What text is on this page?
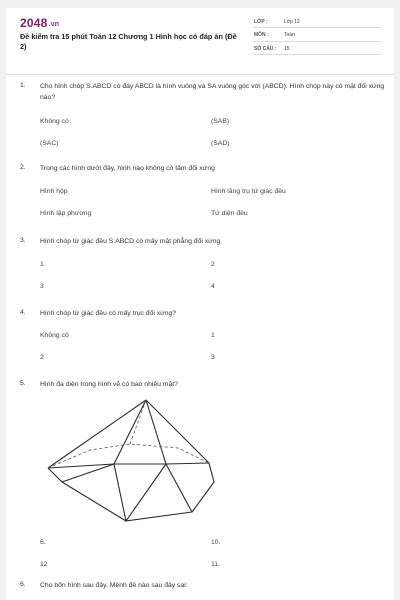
2048.vn
Đề kiểm tra 15 phút Toán 12 Chương 1 Hình học có đáp án (Đề 2)
LỚP :	Lớp 12
MÔN :	Toán
SỐ CÂU :	15
1. Cho hình chóp S.ABCD có đáy ABCD là hình vuông và SA vuông góc với (ABCD). Hình chóp này có mặt đối xứng nào?
Không có	(SAB)
(SAC)	(SAD)
2. Trong các hình dưới đây, hình nào không có tâm đối xứng
Hình hộp	Hình lăng trụ tứ giác đều
Hình lập phương	Tứ diện đều
3. Hình chóp tứ giác đều S.ABCD có mấy mặt phẳng đối xứng
1	2
3	4
4. Hình chóp tứ giác đều có mấy trục đối xứng?
Không có	1
2	3
5. Hình đa diện trong hình vẽ có bao nhiêu mặt?
6.	10.
12	11.
6. Cho bốn hình sau đây. Mệnh đề nào sau đây sai:
